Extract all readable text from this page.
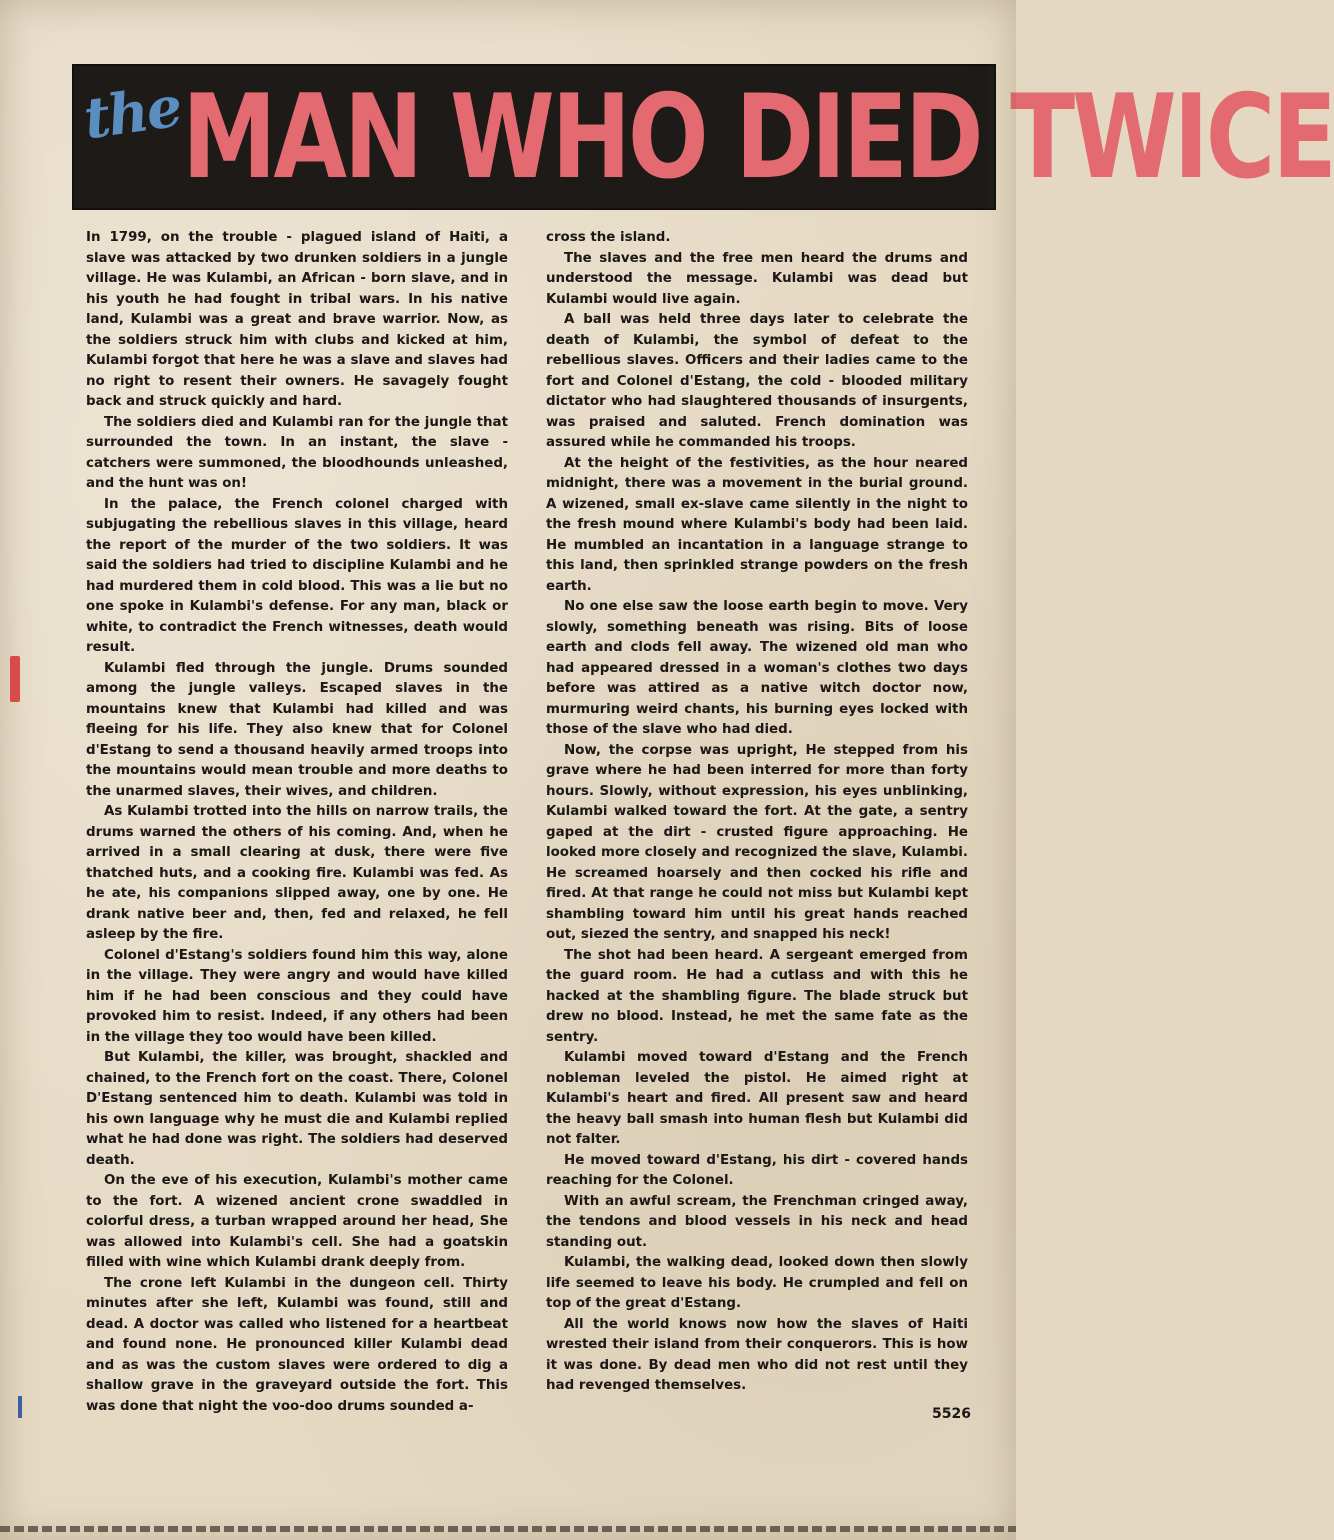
the
MAN WHO DIED TWICE

In 1799, on the trouble - plagued island of Haiti, a slave was attacked by two drunken soldiers in a jungle village. He was Kulambi, an African - born slave, and in his youth he had fought in tribal wars. In his native land, Kulambi was a great and brave warrior. Now, as the soldiers struck him with clubs and kicked at him, Kulambi forgot that here he was a slave and slaves had no right to resent their owners. He savagely fought back and struck quickly and hard.

The soldiers died and Kulambi ran for the jungle that surrounded the town. In an instant, the slave - catchers were summoned, the bloodhounds unleashed, and the hunt was on!

In the palace, the French colonel charged with subjugating the rebellious slaves in this village, heard the report of the murder of the two soldiers. It was said the soldiers had tried to discipline Kulambi and he had murdered them in cold blood. This was a lie but no one spoke in Kulambi's defense. For any man, black or white, to contradict the French witnesses, death would result.

Kulambi fled through the jungle. Drums sounded among the jungle valleys. Escaped slaves in the mountains knew that Kulambi had killed and was fleeing for his life. They also knew that for Colonel d'Estang to send a thousand heavily armed troops into the mountains would mean trouble and more deaths to the unarmed slaves, their wives, and children.

As Kulambi trotted into the hills on narrow trails, the drums warned the others of his coming. And, when he arrived in a small clearing at dusk, there were five thatched huts, and a cooking fire. Kulambi was fed. As he ate, his companions slipped away, one by one. He drank native beer and, then, fed and relaxed, he fell asleep by the fire.

Colonel d'Estang's soldiers found him this way, alone in the village. They were angry and would have killed him if he had been conscious and they could have provoked him to resist. Indeed, if any others had been in the village they too would have been killed.

But Kulambi, the killer, was brought, shackled and chained, to the French fort on the coast. There, Colonel D'Estang sentenced him to death. Kulambi was told in his own language why he must die and Kulambi replied what he had done was right. The soldiers had deserved death.

On the eve of his execution, Kulambi's mother came to the fort. A wizened ancient crone swaddled in colorful dress, a turban wrapped around her head, She was allowed into Kulambi's cell. She had a goatskin filled with wine which Kulambi drank deeply from.

The crone left Kulambi in the dungeon cell. Thirty minutes after she left, Kulambi was found, still and dead. A doctor was called who listened for a heartbeat and found none. He pronounced killer Kulambi dead and as was the custom slaves were ordered to dig a shallow grave in the graveyard outside the fort. This was done that night the voo-doo drums sounded a-

cross the island.

The slaves and the free men heard the drums and understood the message. Kulambi was dead but Kulambi would live again.

A ball was held three days later to celebrate the death of Kulambi, the symbol of defeat to the rebellious slaves. Officers and their ladies came to the fort and Colonel d'Estang, the cold - blooded military dictator who had slaughtered thousands of insurgents, was praised and saluted. French domination was assured while he commanded his troops.

At the height of the festivities, as the hour neared midnight, there was a movement in the burial ground. A wizened, small ex-slave came silently in the night to the fresh mound where Kulambi's body had been laid. He mumbled an incantation in a language strange to this land, then sprinkled strange powders on the fresh earth.

No one else saw the loose earth begin to move. Very slowly, something beneath was rising. Bits of loose earth and clods fell away. The wizened old man who had appeared dressed in a woman's clothes two days before was attired as a native witch doctor now, murmuring weird chants, his burning eyes locked with those of the slave who had died.

Now, the corpse was upright, He stepped from his grave where he had been interred for more than forty hours. Slowly, without expression, his eyes unblinking, Kulambi walked toward the fort. At the gate, a sentry gaped at the dirt - crusted figure approaching. He looked more closely and recognized the slave, Kulambi. He screamed hoarsely and then cocked his rifle and fired. At that range he could not miss but Kulambi kept shambling toward him until his great hands reached out, siezed the sentry, and snapped his neck!

The shot had been heard. A sergeant emerged from the guard room. He had a cutlass and with this he hacked at the shambling figure. The blade struck but drew no blood. Instead, he met the same fate as the sentry.

Kulambi moved toward d'Estang and the French nobleman leveled the pistol. He aimed right at Kulambi's heart and fired. All present saw and heard the heavy ball smash into human flesh but Kulambi did not falter.

He moved toward d'Estang, his dirt - covered hands reaching for the Colonel.

With an awful scream, the Frenchman cringed away, the tendons and blood vessels in his neck and head standing out.

Kulambi, the walking dead, looked down then slowly life seemed to leave his body. He crumpled and fell on top of the great d'Estang.

All the world knows now how the slaves of Haiti wrested their island from their conquerors. This is how it was done. By dead men who did not rest until they had revenged themselves.

5526
